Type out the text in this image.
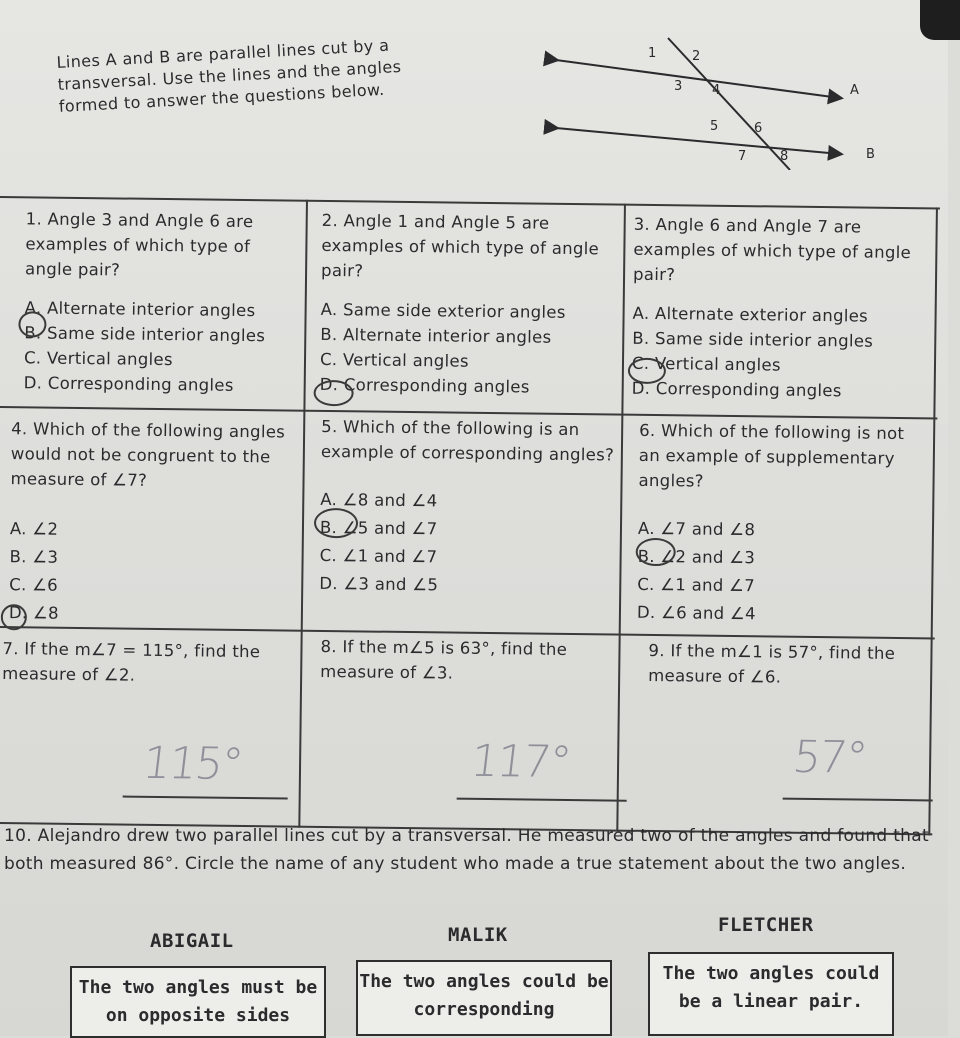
Lines A and B are parallel lines cut by a transversal. Use the lines and the angles formed to answer the questions below.
1	2
3 4
5	6
7	8
A
B
1. Angle 3 and Angle 6 are examples of which type of angle pair?
A. Alternate interior angles
B. Same side interior angles
C. Vertical angles
D. Corresponding angles
2. Angle 1 and Angle 5 are examples of which type of angle pair?
A. Same side exterior angles
B. Alternate interior angles
C. Vertical angles
D. Corresponding angles
3. Angle 6 and Angle 7 are examples of which type of angle pair?
A. Alternate exterior angles
B. Same side interior angles
C. Vertical angles
D. Corresponding angles
4. Which of the following angles would not be congruent to the measure of ∠7?
A. ∠2
B. ∠3
C. ∠6
D. ∠8
5. Which of the following is an example of corresponding angles?
A. ∠8 and ∠4
B. ∠5 and ∠7
C. ∠1 and ∠7
D. ∠3 and ∠5
6. Which of the following is not an example of supplementary angles?
A. ∠7 and ∠8
B. ∠2 and ∠3
C. ∠1 and ∠7
D. ∠6 and ∠4
7. If the m∠7 = 115°, find the measure of ∠2.
115°
8. If the m∠5 is 63°, find the measure of ∠3.
117°
9. If the m∠1 is 57°, find the measure of ∠6.
57°
10. Alejandro drew two parallel lines cut by a transversal. He measured two of the angles and found that both measured 86°. Circle the name of any student who made a true statement about the two angles.
ABIGAIL	MALIK	FLETCHER
The two angles must be on opposite sides
The two angles could be corresponding
The two angles could be a linear pair.
